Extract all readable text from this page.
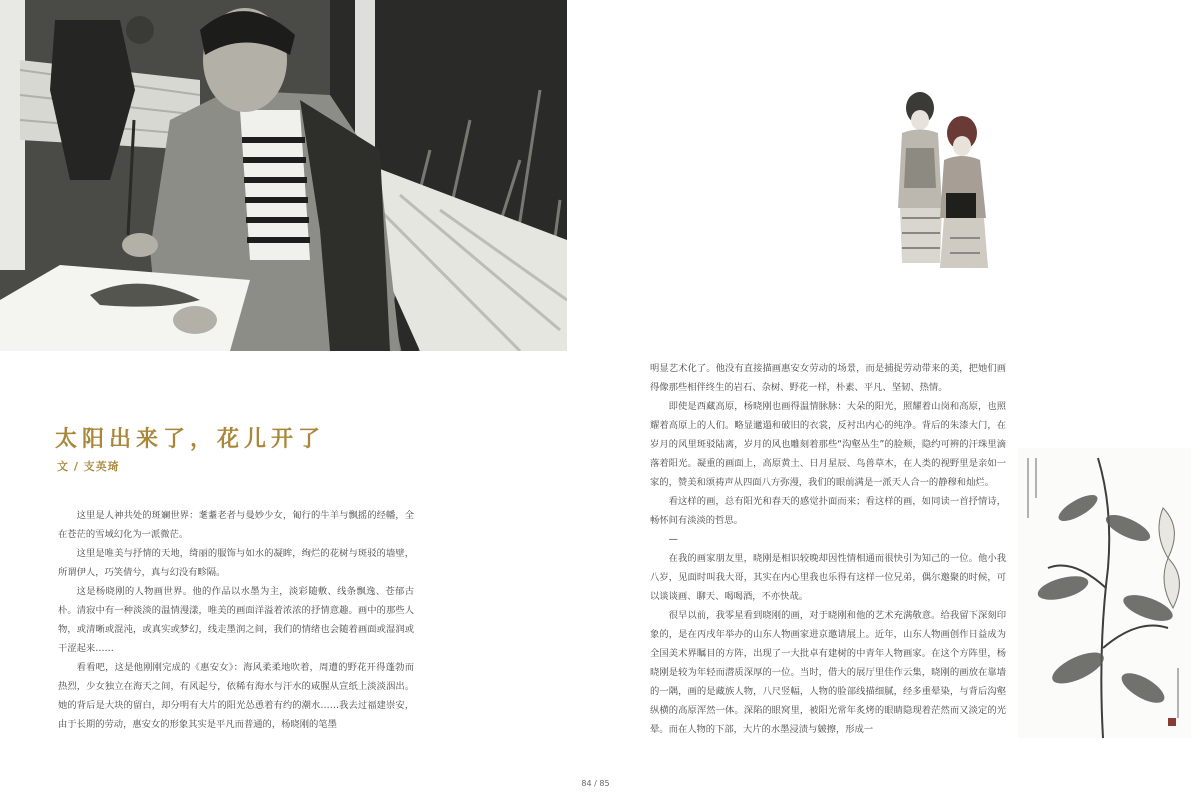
太阳出来了，花儿开了
文 / 支英琦

这里是人神共处的斑斓世界：耄耋老者与曼妙少女，匍行的牛羊与飘摇的经幡，全在苍茫的雪域幻化为一派微茫。

这里是唯美与抒情的天地，绮丽的服饰与如水的凝眸，绚烂的花树与斑驳的墙壁，所谓伊人，巧笑倩兮，真与幻没有畛隔。

这是杨晓刚的人物画世界。他的作品以水墨为主，淡彩随敷、线条飘逸、苍郁古朴。清寂中有一种淡淡的温情漫漾，唯美的画面洋溢着浓浓的抒情意趣。画中的那些人物，或清晰或混沌，或真实或梦幻，线走墨润之间，我们的情绪也会随着画面或湿润或干涩起来……

看看吧，这是他刚刚完成的《惠安女》：海风柔柔地吹着，周遭的野花开得蓬勃而热烈，少女独立在海天之间，有风起兮，依稀有海水与汗水的咸腥从宣纸上淡淡洇出。她的背后是大块的留白，却分明有大片的阳光怂恿着有约的潮水……我去过福建崇安，由于长期的劳动，惠安女的形象其实是平凡而普通的，杨晓刚的笔墨

明显艺术化了。他没有直接描画惠安女劳动的场景，而是捕捉劳动带来的美，把她们画得像那些相伴终生的岩石、杂树、野花一样，朴素、平凡、坚韧、热情。

即使是西藏高原，杨晓刚也画得温情脉脉：大朵的阳光，照耀着山岗和高原，也照耀着高原上的人们。略显邋遢和破旧的衣裳，反衬出内心的纯净。背后的朱漆大门，在岁月的风里斑驳陆离，岁月的风也雕刻着那些“沟壑丛生”的脸颊，隐约可辨的汗珠里滴落着阳光。凝重的画面上，高原黄土、日月星辰、鸟兽草木，在人类的视野里是亲如一家的，赞美和颂祷声从四面八方弥漫，我们的眼前满是一派天人合一的静穆和灿烂。

看这样的画，总有阳光和春天的感觉扑面而来；看这样的画，如同读一首抒情诗，畅怀间有淡淡的哲思。

—

在我的画家朋友里，晓刚是相识较晚却因性情相通而很快引为知己的一位。他小我八岁，见面时叫我大哥，其实在内心里我也乐得有这样一位兄弟，偶尔邀聚的时候，可以谈谈画、聊天、喝喝酒，不亦快哉。

很早以前，我零星看到晓刚的画，对于晓刚和他的艺术充满敬意。给我留下深刻印象的，是在丙戌年举办的山东人物画家进京邀请展上。近年，山东人物画创作日益成为全国美术界瞩目的方阵，出现了一大批卓有建树的中青年人物画家。在这个方阵里，杨晓刚是较为年轻而潜质深厚的一位。当时，借大的展厅里佳作云集，晓刚的画放在靠墙的一隅，画的是藏族人物，八尺竖幅，人物的脸部线描细腻，经多重晕染，与背后沟壑纵横的高原浑然一体。深陷的眼窝里，被阳光常年炙烤的眼睛隐现着茫然而又淡定的光晕。而在人物的下部，大片的水墨浸渍与皴擦，形成一

84 / 85
